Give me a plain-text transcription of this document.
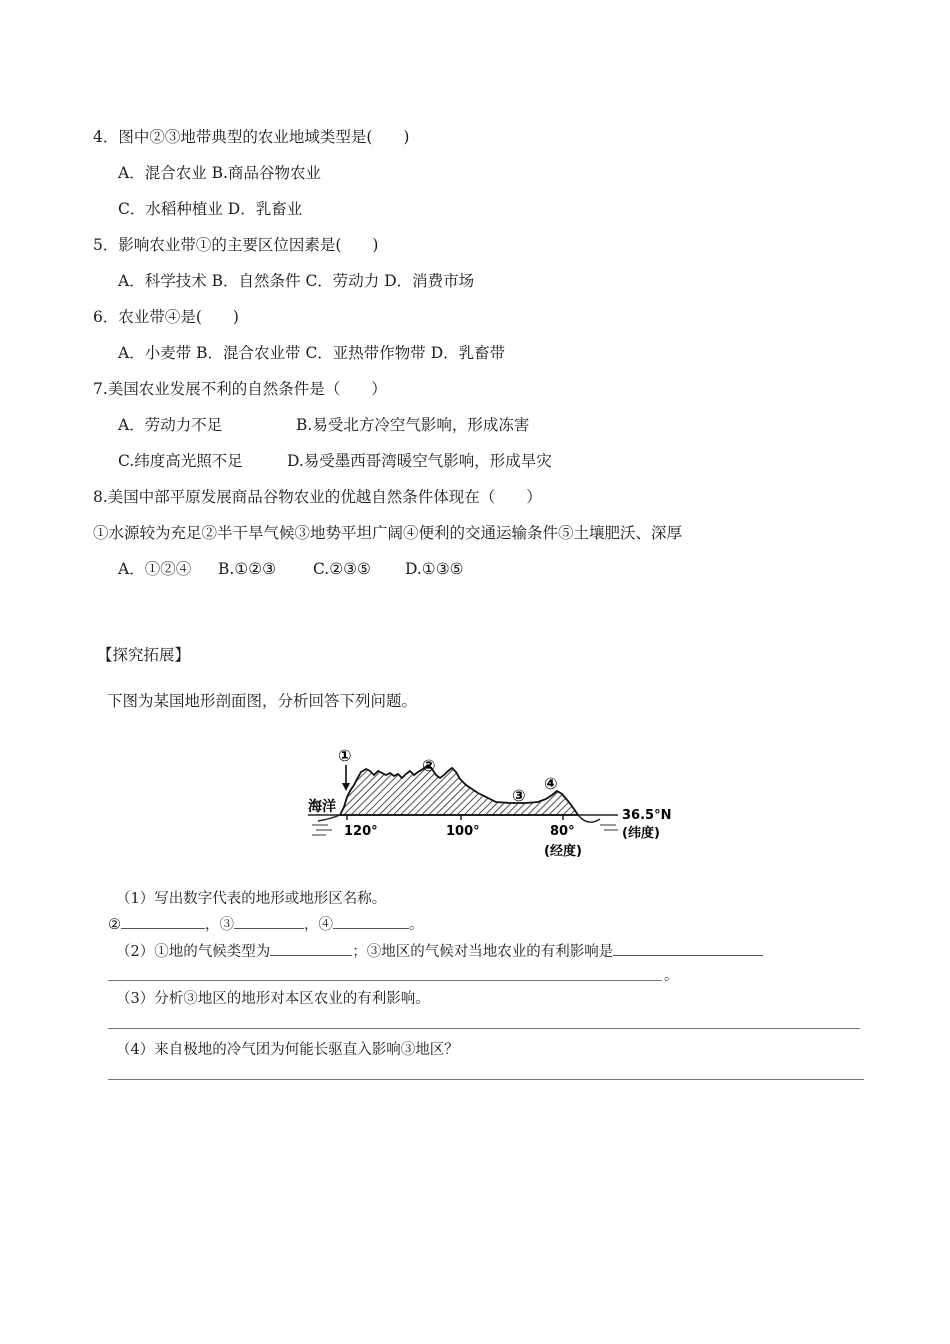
4．图中②③地带典型的农业地域类型是(　　)
A．混合农业 B.商品谷物农业
C．水稻种植业 D．乳畜业
5．影响农业带①的主要区位因素是(　　)
A．科学技术 B．自然条件 C．劳动力 D．消费市场
6．农业带④是(　　)
A．小麦带 B．混合农业带 C．亚热带作物带 D．乳畜带
7.美国农业发展不利的自然条件是（　　）
A．劳动力不足	B.易受北方冷空气影响，形成冻害
C.纬度高光照不足	D.易受墨西哥湾暖空气影响，形成旱灾
8.美国中部平原发展商品谷物农业的优越自然条件体现在（　　）
①水源较为充足②半干旱气候③地势平坦广阔④便利的交通运输条件⑤土壤肥沃、深厚
A．①②④ B.①②③ C.②③⑤ D.①③⑤
【探究拓展】
下图为某国地形剖面图，分析回答下列问题。
①
②
③
④
海洋
120°	100°	80°
(经度)
36.5°N
(纬度)
（1）写出数字代表的地形或地形区名称。
②	，③	，④	。
（2）①地的气候类型为	；③地区的气候对当地农业的有利影响是
。
（3）分析③地区的地形对本区农业的有利影响。
（4）来自极地的冷气团为何能长驱直入影响③地区？
